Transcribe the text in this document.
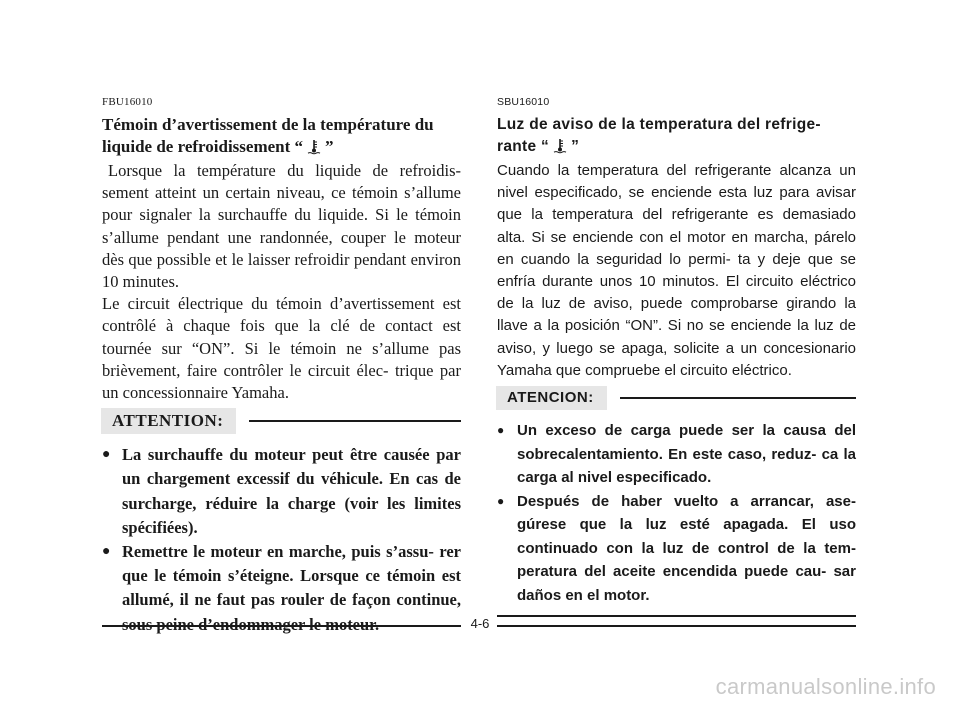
FBU16010

Témoin d’avertissement de la température du
liquide de refroidissement “ ”

Lorsque la température du liquide de refroidis- sement atteint un certain niveau, ce témoin s’allume pour signaler la surchauffe du liquide. Si le témoin s’allume pendant une randonnée, couper le moteur dès que possible et le laisser refroidir pendant environ 10 minutes.

Le circuit électrique du témoin d’avertissement est contrôlé à chaque fois que la clé de contact est tournée sur “ON”. Si le témoin ne s’allume pas brièvement, faire contrôler le circuit élec- trique par un concessionnaire Yamaha.

ATTENTION:
● La surchauffe du moteur peut être causée par un chargement excessif du véhicule. En cas de surcharge, réduire la charge (voir les limites spécifiées).
● Remettre le moteur en marche, puis s’assu- rer que le témoin s’éteigne. Lorsque ce témoin est allumé, il ne faut pas rouler de façon continue,

SBU16010

Luz de aviso de la temperatura del refrige-
rante “ ”

Cuando la temperatura del refrigerante alcanza un nivel especificado, se enciende esta luz para avisar que la temperatura del refrigerante es demasiado alta. Si se enciende con el motor en marcha, párelo en cuando la seguridad lo permi- ta y deje que se enfría durante unos 10 minutos. El circuito eléctrico de la luz de aviso, puede comprobarse girando la llave a la posición “ON”. Si no se enciende la luz de aviso, y luego se apaga, solicite a un concesionario Yamaha que compruebe el circuito eléctrico.

ATENCION:
● Un exceso de carga puede ser la causa del sobrecalentamiento. En este caso, reduz- ca la carga al nivel especificado.
● Después de haber vuelto a arrancar, ase- gúrese que la luz esté apagada. El uso continuado con la luz de control de la tem- peratura del aceite encendida puede cau- sar daños en el motor.
4-6
carmanualsonline.info
